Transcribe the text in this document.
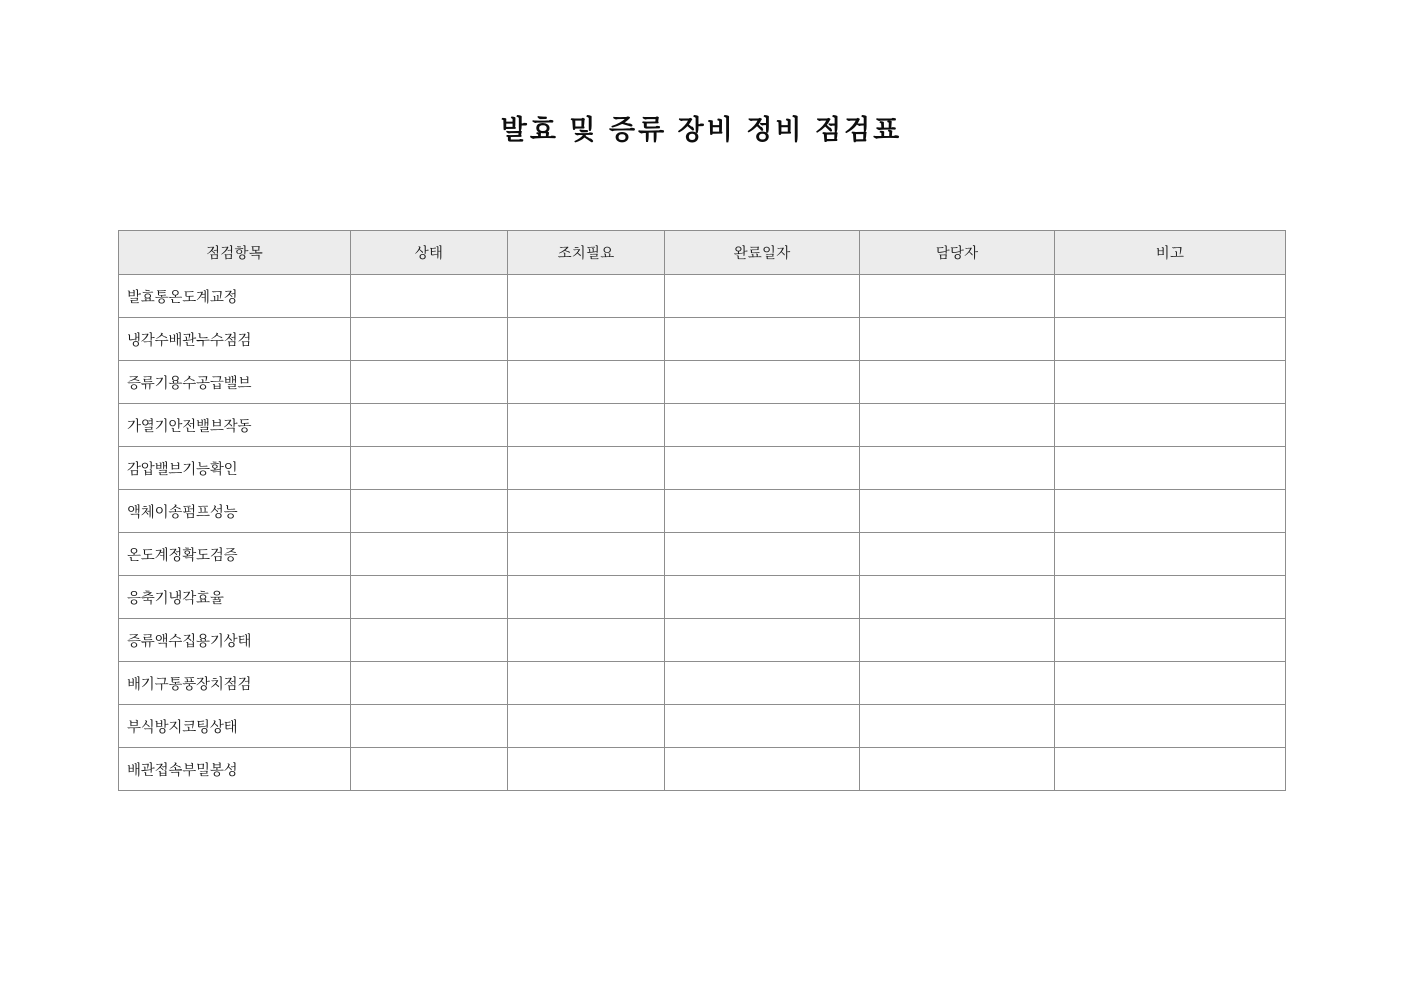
발효 및 증류 장비 정비 점검표
점검항목	상태	조치필요	완료일자	담당자	비고
발효통온도계교정					
냉각수배관누수점검					
증류기용수공급밸브					
가열기안전밸브작동					
감압밸브기능확인					
액체이송펌프성능					
온도계정확도검증					
응축기냉각효율					
증류액수집용기상태					
배기구통풍장치점검					
부식방지코팅상태					
배관접속부밀봉성					
